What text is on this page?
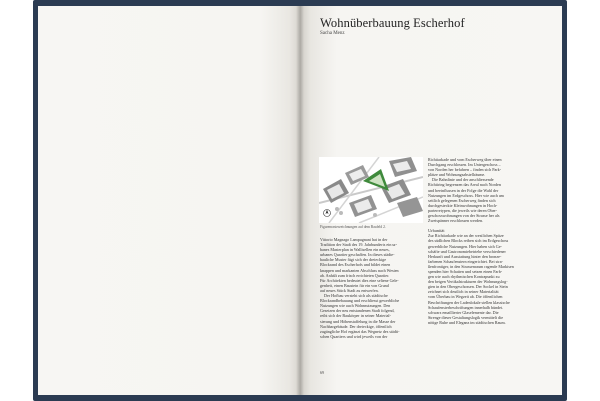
Wohnüberbauung Escherhof
Sacha Menz
Figurenrasterzeichnungen auf dem Baufeld 2.

Vittorio Magnago Lampugnani hat in der

Tradition der Stadt des 19. Jahrhunderts ein ur-

banes Masterplan in Wallisellen ein neues,

urbanes Quartier geschaffen. In dieses städte-

bauliche Muster fügt sich der dreieckige

Blockrand des Escherhofs und bildet einen

knappen und markanten Abschluss nach Westen

ab. Anhält zum frisch errichteten Quartier.

Für Architekten bedeutet dies eine seltene Gele-

genheit, einen Baustein für ein von Grund

auf neues Stück Stadt zu entwerfen.

Der Hofbau versteht sich als städtische

Blockrandbebauung und erschliesst gewerbliche

Nutzungen wie auch Wohnnutzungen. Den

Gesetzen der neu entstandenen Stadt folgend,

reiht sich der Baukörper in seiner Material-

sierung und Höhenstaffelung in die Masse der

Nachbargebäude. Der dreieckige, öffentlich

zugängliche Hof ergänzt das Wegnetz des städti-

schen Quartiers und wird jeweils von der

Richtiarkade und vom Escherweg über einen

Durchgang erschlossen. Im Untergeschoss –

von Norden her befahren – finden sich Park-

plätze und Wohnungsabstellräume.

Die Bahnlinie und der anschliessende

Richtiring begrenzen das Areal nach Norden

und beeinflussen in der Folge die Wahl der

Nutzungen im Erdgeschoss. Hier wie auch am

seitlich gelegenen Escherweg finden sich

durchgesteckte Kleinwohnungen in Hoch-

parterretypen, die jeweils wie deren Ober-

geschosswohnungen von der Strasse her als

Zweispänner erschlossen werden.

Urbanität

Zur Richtiarkade wie an der westlichen Spitze

des südlichen Blocks reiben sich im Erdgeschoss

gewerbliche Nutzungen. Hier haben sich Ge-

schäfte und Gastronomiebetriebe verschiedener

Herkunft und Ausstattung hinter den bronze-

farbenen Schaufenstern eingerichtet. Bei stra-

ßenfrontiger, in den Strassenraum ragende Markisen

spenden hier Schatten und setzen einen Farb-

gen wie auch rhythmischen Kontrapunkt zu

den beigen Vertikalstrukturen der Wohnungslog-

gien in den Obergeschossen. Der Sockel in Stein

zeichnet sich deutlich in seiner Materialität

vom Überbau in Wegzeit ab. Die öffentlichen

Beschriftungen der Ladenlokale stellen klassische

Schaufensterbeschriftungen innerhalb bündet.

schwarz emaillierter Glaselemente dar. Die

Strenge dieser Gestaltungslogik vermittelt die

nötige Ruhe und Eleganz im städtischen Raum.

69
